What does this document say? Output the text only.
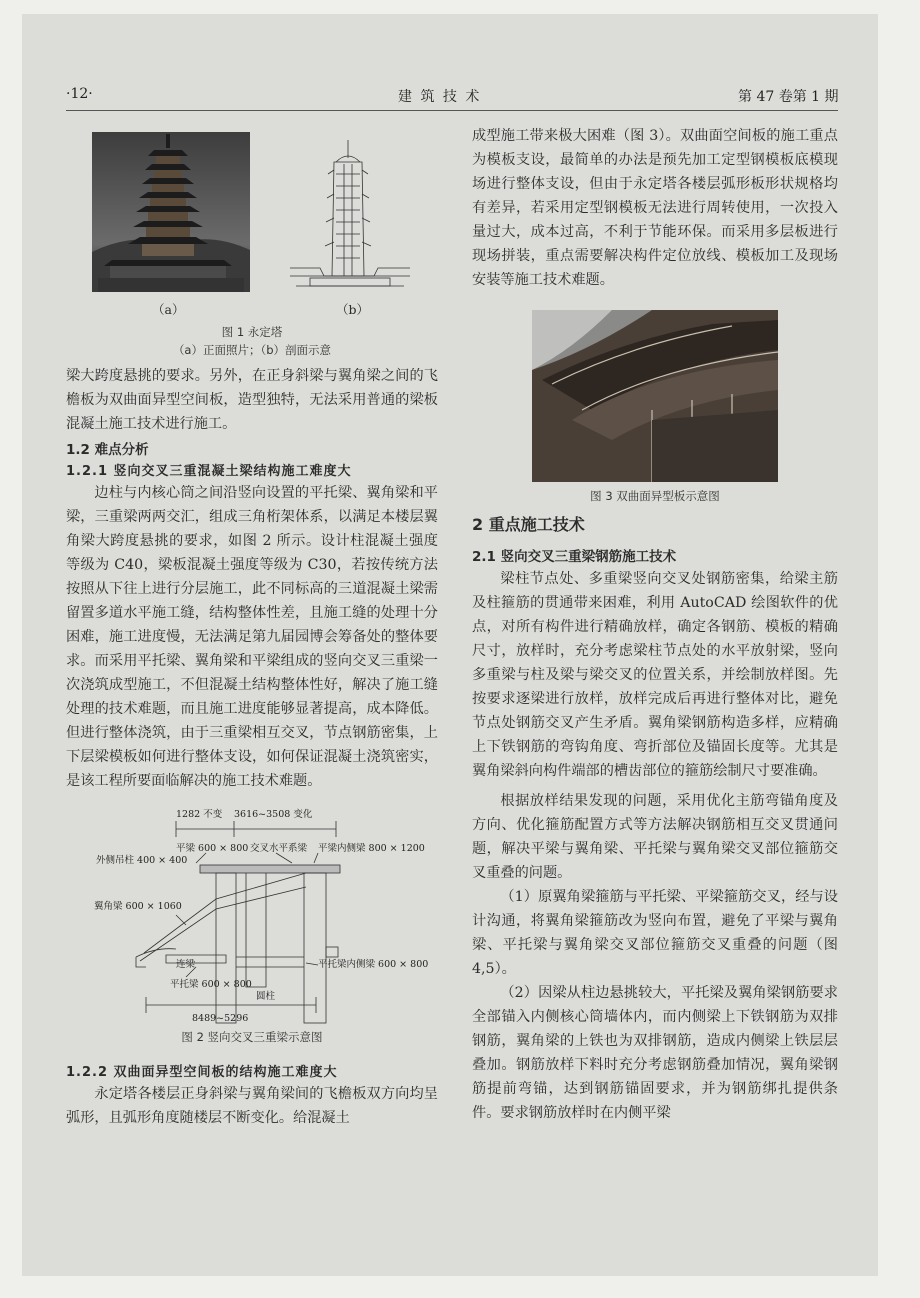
·12·	建 筑 技 术	第 47 卷第 1 期
（a）	（b）
图 1 永定塔
（a）正面照片；（b）剖面示意

梁大跨度悬挑的要求。另外，在正身斜梁与翼角梁之间的飞檐板为双曲面异型空间板，造型独特，无法采用普通的梁板混凝土施工技术进行施工。

1.2 难点分析
1.2.1 竖向交叉三重混凝土梁结构施工难度大

边柱与内核心筒之间沿竖向设置的平托梁、翼角梁和平梁，三重梁两两交汇，组成三角桁架体系，以满足本楼层翼角梁大跨度悬挑的要求，如图 2 所示。设计柱混凝土强度等级为 C40，梁板混凝土强度等级为 C30，若按传统方法按照从下往上进行分层施工，此不同标高的三道混凝土梁需留置多道水平施工缝，结构整体性差，且施工缝的处理十分困难，施工进度慢，无法满足第九届园博会筹备处的整体要求。而采用平托梁、翼角梁和平梁组成的竖向交叉三重梁一次浇筑成型施工，不但混凝土结构整体性好，解决了施工缝处理的技术难题，而且施工进度能够显著提高，成本降低。但进行整体浇筑，由于三重梁相互交叉，节点钢筋密集，上下层梁模板如何进行整体支设，如何保证混凝土浇筑密实，是该工程所要面临解决的施工技术难题。

1282 不变 3616~3508 变化
平梁 600 × 800
外侧吊柱 400 × 400
交叉水平系梁 平梁内侧梁 800 × 1200
翼角梁 600 × 1060
连梁
平托梁 600 × 800
平托梁内侧梁 600 × 800
圆柱
8489~5296
图 2 竖向交叉三重梁示意图
1.2.2 双曲面异型空间板的结构施工难度大

永定塔各楼层正身斜梁与翼角梁间的飞檐板双方向均呈弧形，且弧形角度随楼层不断变化。给混凝土

成型施工带来极大困难（图 3）。双曲面空间板的施工重点为模板支设，最简单的办法是预先加工定型钢模板底模现场进行整体支设，但由于永定塔各楼层弧形板形状规格均有差异，若采用定型钢模板无法进行周转使用，一次投入量过大，成本过高，不利于节能环保。而采用多层板进行现场拼装，重点需要解决构件定位放线、模板加工及现场安装等施工技术难题。

图 3 双曲面异型板示意图
2 重点施工技术
2.1 竖向交叉三重梁钢筋施工技术

梁柱节点处、多重梁竖向交叉处钢筋密集，给梁主筋及柱箍筋的贯通带来困难，利用 AutoCAD 绘图软件的优点，对所有构件进行精确放样，确定各钢筋、模板的精确尺寸，放样时，充分考虑梁柱节点处的水平放射梁，竖向多重梁与柱及梁与梁交叉的位置关系，并绘制放样图。先按要求逐梁进行放样，放样完成后再进行整体对比，避免节点处钢筋交叉产生矛盾。翼角梁钢筋构造多样，应精确上下铁钢筋的弯钩角度、弯折部位及锚固长度等。尤其是翼角梁斜向构件端部的槽齿部位的箍筋绘制尺寸要准确。

根据放样结果发现的问题，采用优化主筋弯锚角度及方向、优化箍筋配置方式等方法解决钢筋相互交叉贯通问题，解决平梁与翼角梁、平托梁与翼角梁交叉部位箍筋交叉重叠的问题。

（1）原翼角梁箍筋与平托梁、平梁箍筋交叉，经与设计沟通，将翼角梁箍筋改为竖向布置，避免了平梁与翼角梁、平托梁与翼角梁交叉部位箍筋交叉重叠的问题（图 4,5）。

（2）因梁从柱边悬挑较大，平托梁及翼角梁钢筋要求全部锚入内侧核心筒墙体内，而内侧梁上下铁钢筋为双排钢筋，翼角梁的上铁也为双排钢筋，造成内侧梁上铁层层叠加。钢筋放样下料时充分考虑钢筋叠加情况，翼角梁钢筋提前弯锚，达到钢筋锚固要求，并为钢筋绑扎提供条件。要求钢筋放样时在内侧平梁
